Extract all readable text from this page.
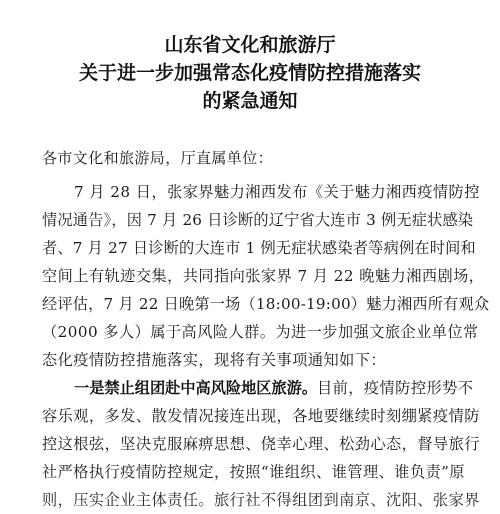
山东省文化和旅游厅
关于进一步加强常态化疫情防控措施落实
的紧急通知
各市文化和旅游局，厅直属单位：
7 月 28 日，张家界魅力湘西发布《关于魅力湘西疫情防控
情况通告》，因 7 月 26 日诊断的辽宁省大连市 3 例无症状感染
者、7 月 27 日诊断的大连市 1 例无症状感染者等病例在时间和
空间上有轨迹交集，共同指向张家界 7 月 22 晚魅力湘西剧场，
经评估，7 月 22 日晚第一场（18:00-19:00）魅力湘西所有观众
（2000 多人）属于高风险人群。为进一步加强文旅企业单位常
态化疫情防控措施落实，现将有关事项通知如下：
一是禁止组团赴中高风险地区旅游。目前，疫情防控形势不
容乐观，多发、散发情况接连出现，各地要继续时刻绷紧疫情防
控这根弦，坚决克服麻痹思想、侥幸心理、松劲心态，督导旅行
社严格执行疫情防控规定，按照“谁组织、谁管理、谁负责”原
则，压实企业主体责任。旅行社不得组团到南京、沈阳、张家界
